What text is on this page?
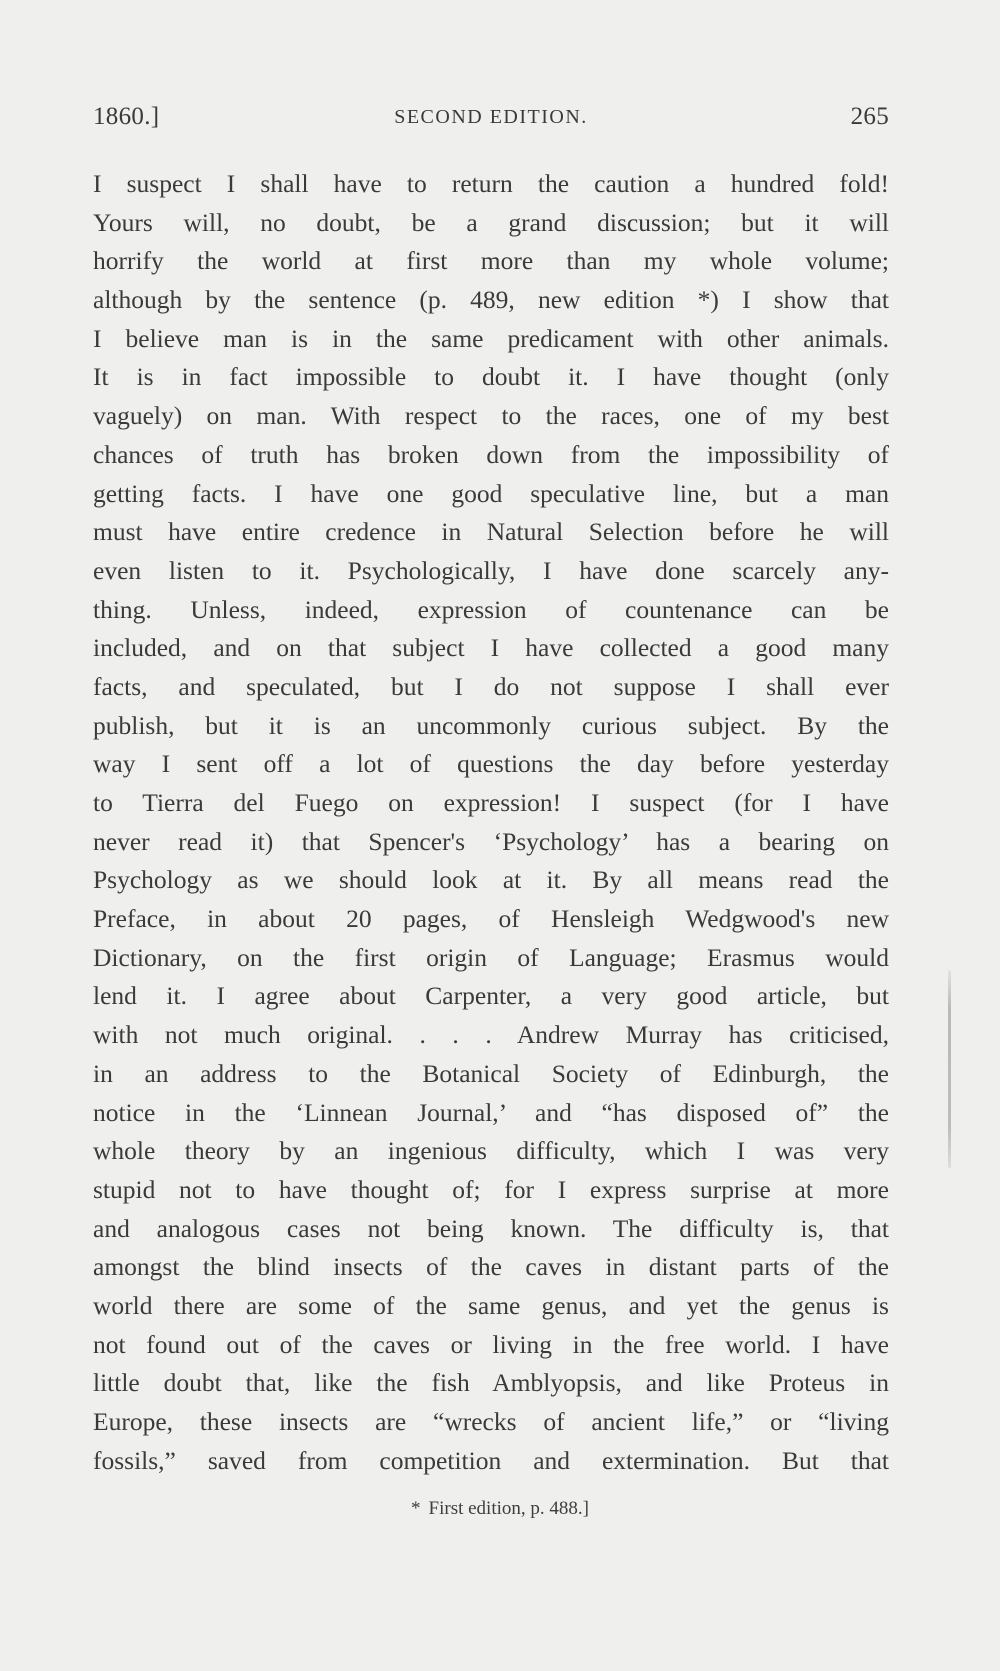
1860.]	SECOND EDITION.	265
I suspect I shall have to return the caution a hundred fold!
Yours will, no doubt, be a grand discussion; but it will
horrify the world at first more than my whole volume;
although by the sentence (p. 489, new edition *) I show that
I believe man is in the same predicament with other animals.
It is in fact impossible to doubt it. I have thought (only
vaguely) on man. With respect to the races, one of my best
chances of truth has broken down from the impossibility of
getting facts. I have one good speculative line, but a man
must have entire credence in Natural Selection before he will
even listen to it. Psychologically, I have done scarcely any-
thing. Unless, indeed, expression of countenance can be
included, and on that subject I have collected a good many
facts, and speculated, but I do not suppose I shall ever
publish, but it is an uncommonly curious subject. By the
way I sent off a lot of questions the day before yesterday
to Tierra del Fuego on expression! I suspect (for I have
never read it) that Spencer's ‘Psychology’ has a bearing on
Psychology as we should look at it. By all means read the
Preface, in about 20 pages, of Hensleigh Wedgwood's new
Dictionary, on the first origin of Language; Erasmus would
lend it. I agree about Carpenter, a very good article, but
with not much original. . . . Andrew Murray has criticised,
in an address to the Botanical Society of Edinburgh, the
notice in the ‘Linnean Journal,’ and “has disposed of” the
whole theory by an ingenious difficulty, which I was very
stupid not to have thought of; for I express surprise at more
and analogous cases not being known. The difficulty is, that
amongst the blind insects of the caves in distant parts of the
world there are some of the same genus, and yet the genus is
not found out of the caves or living in the free world. I have
little doubt that, like the fish Amblyopsis, and like Proteus in
Europe, these insects are “wrecks of ancient life,” or “living
fossils,” saved from competition and extermination. But that
* First edition, p. 488.]
